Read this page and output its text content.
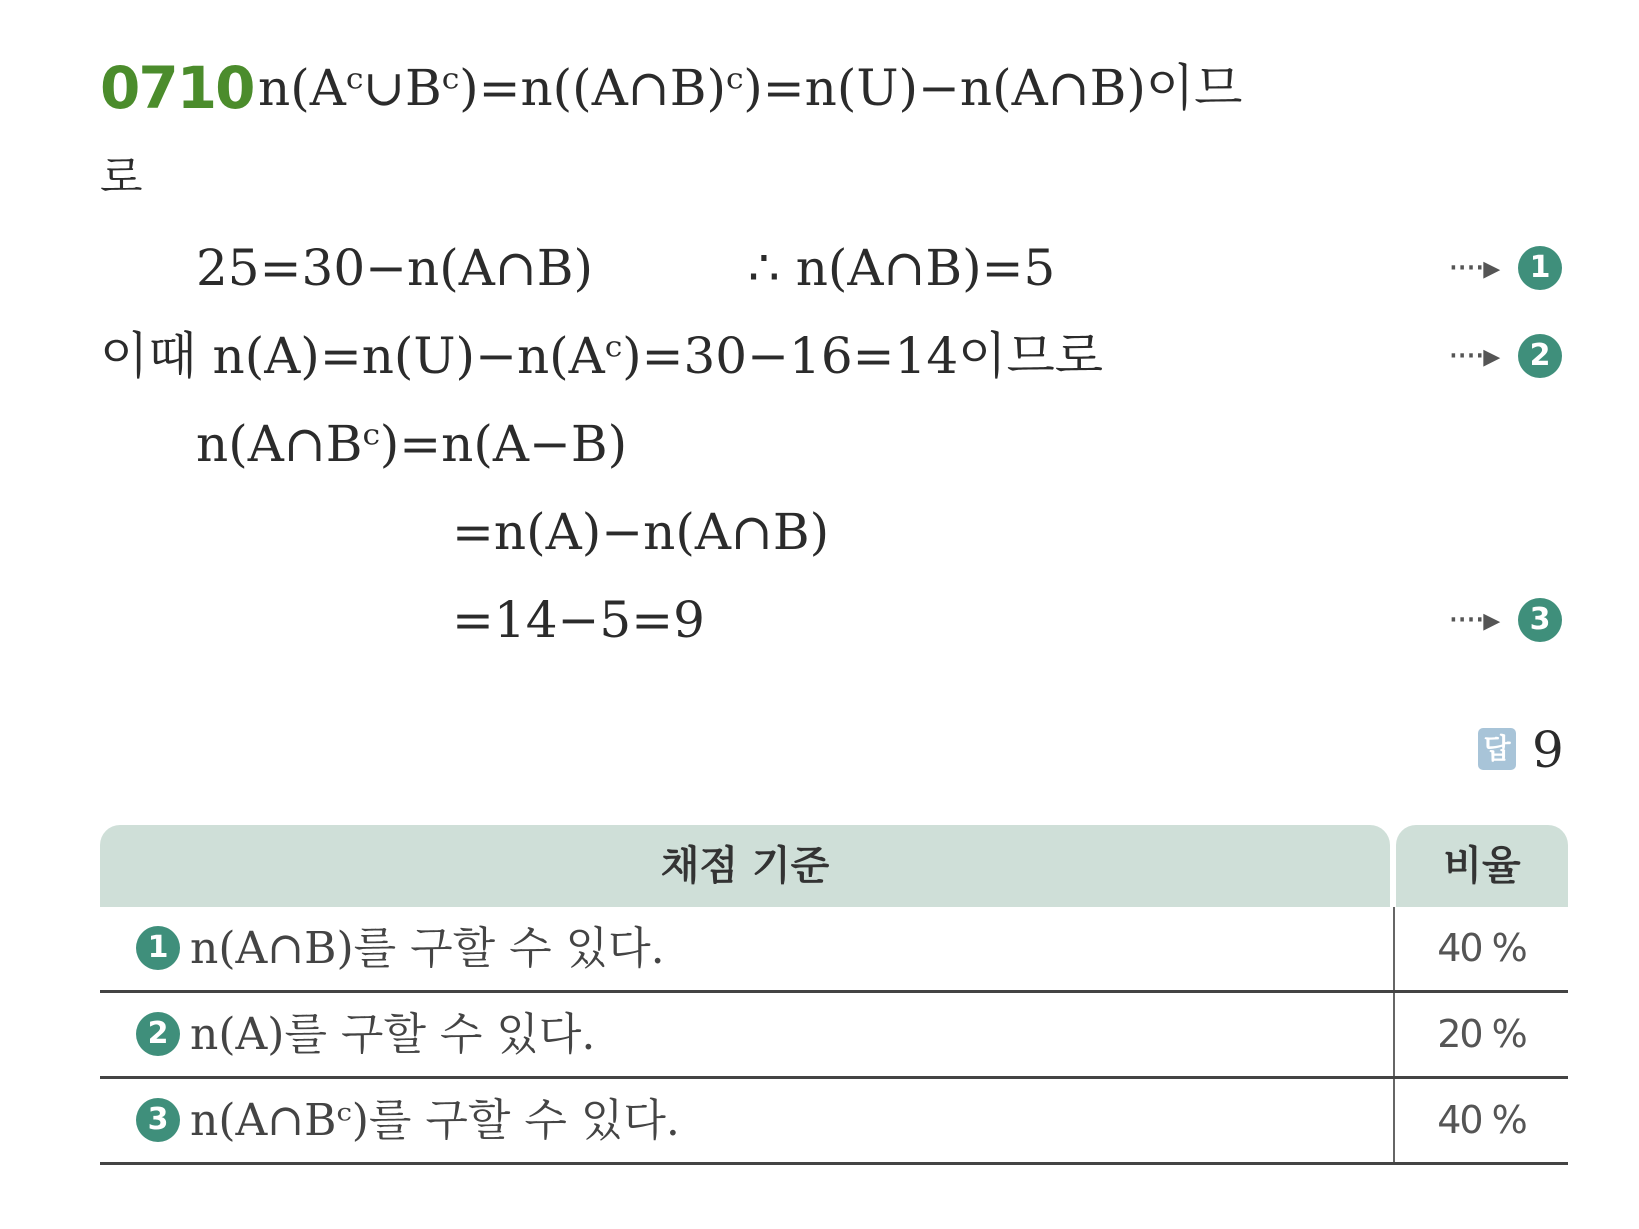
0710 n(Aᶜ∪Bᶜ)=n((A∩B)ᶜ)=n(U)−n(A∩B)이므
로
25=30−n(A∩B)	∴ n(A∩B)=5	····▸	1
이때 n(A)=n(U)−n(Aᶜ)=30−16=14이므로	····▸	2
n(A∩Bᶜ)=n(A−B)
=n(A)−n(A∩B)
=14−5=9	····▸	3
답 9
채점 기준	비율
1 n(A∩B)를 구할 수 있다.	40 %
2 n(A)를 구할 수 있다.	20 %
3 n(A∩Bᶜ)를 구할 수 있다.	40 %
